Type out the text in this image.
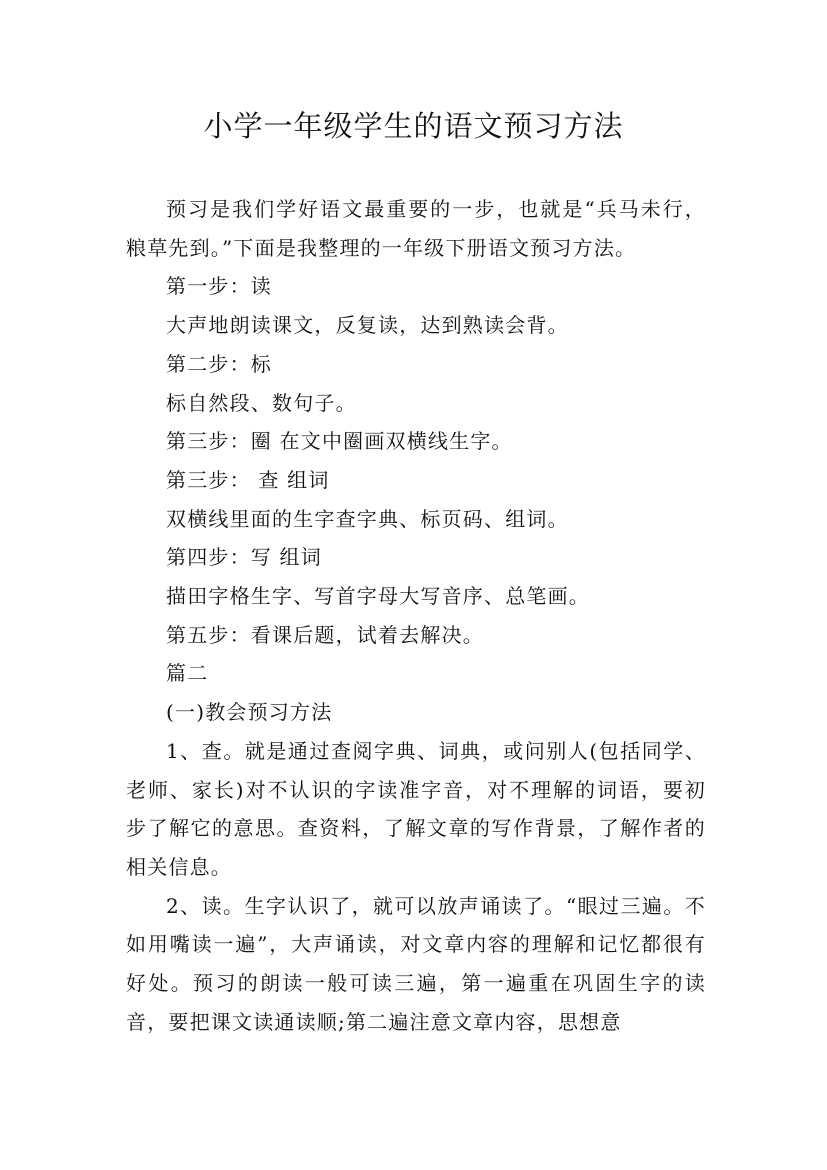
小学一年级学生的语文预习方法

预习是我们学好语文最重要的一步，也就是“兵马未行，粮草先到。”下面是我整理的一年级下册语文预习方法。

第一步：读

大声地朗读课文，反复读，达到熟读会背。

第二步：标

标自然段、数句子。

第三步：圈 在文中圈画双横线生字。

第三步： 查 组词

双横线里面的生字查字典、标页码、组词。

第四步：写 组词

描田字格生字、写首字母大写音序、总笔画。

第五步：看课后题，试着去解决。

篇二

(一)教会预习方法

1、查。就是通过查阅字典、词典，或问别人(包括同学、老师、家长)对不认识的字读准字音，对不理解的词语，要初步了解它的意思。查资料，了解文章的写作背景，了解作者的相关信息。

2、读。生字认识了，就可以放声诵读了。“眼过三遍。不如用嘴读一遍”，大声诵读，对文章内容的理解和记忆都很有好处。预习的朗读一般可读三遍，第一遍重在巩固生字的读音，要把课文读通读顺;第二遍注意文章内容，思想意
